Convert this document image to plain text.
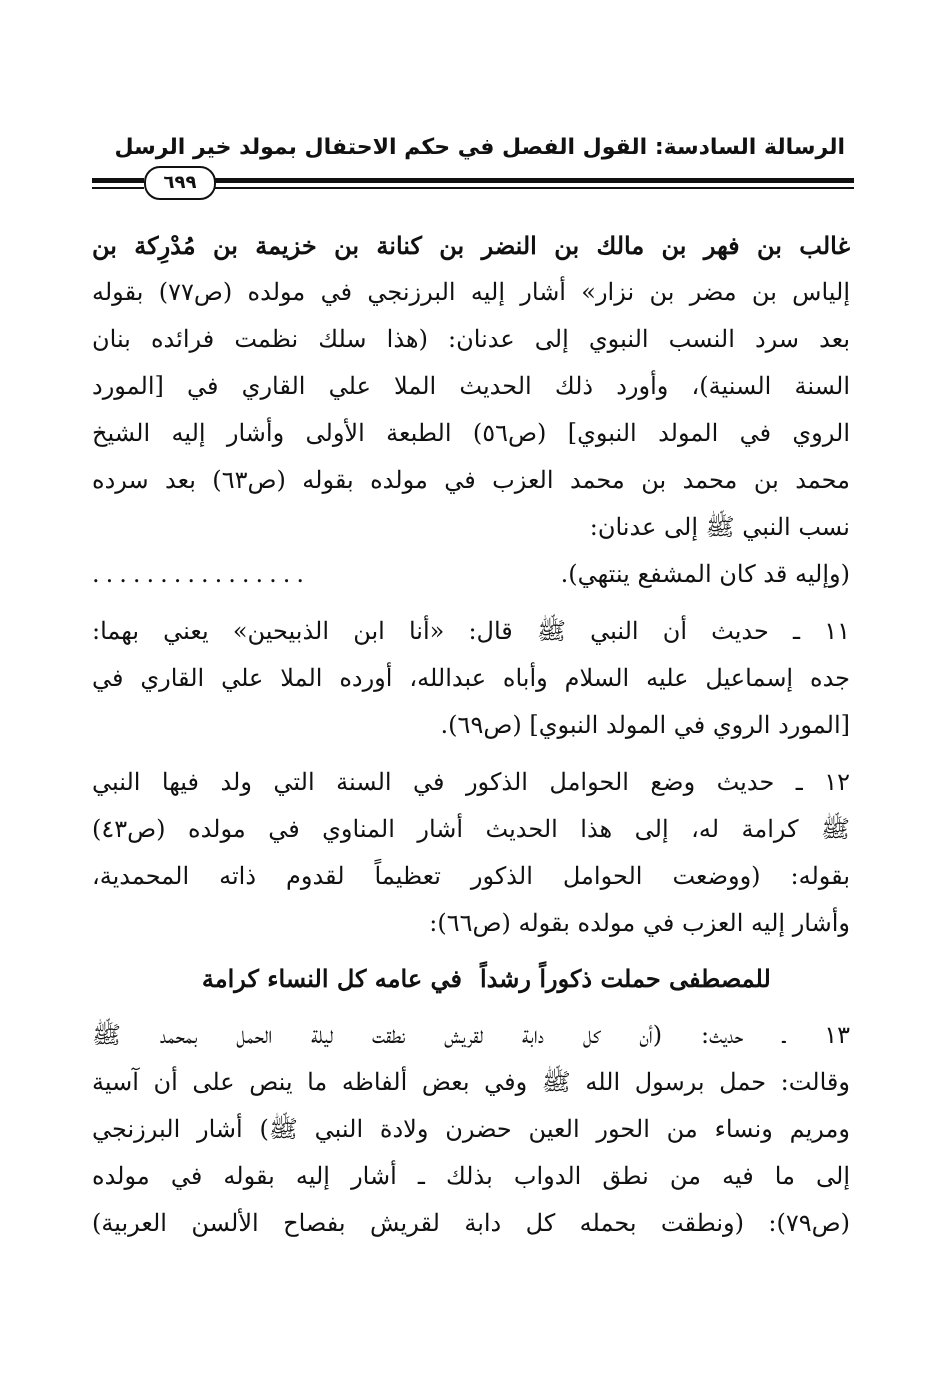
الرسالة السادسة: القول الفصل في حكم الاحتفال بمولد خير الرسل
٦٩٩
غالب بن فهر بن مالك بن النضر بن كنانة بن خزيمة بن مُدْرِكة بن
إلياس بن مضر بن نزار» أشار إليه البرزنجي في مولده (ص٧٧) بقوله
بعد سرد النسب النبوي إلى عدنان: (هذا سلك نظمت فرائده بنان
السنة السنية)، وأورد ذلك الحديث الملا علي القاري في [المورد
الروي في المولد النبوي] (ص٥٦) الطبعة الأولى وأشار إليه الشيخ
محمد بن محمد بن محمد العزب في مولده بقوله (ص٦٣) بعد سرده
نسب النبي ﷺ إلى عدنان:
(وإليه قد كان المشفع ينتهي).
................
١١ ـ حديث أن النبي ﷺ قال: «أنا ابن الذبيحين» يعني بهما:
جده إسماعيل عليه السلام وأباه عبدالله، أورده الملا علي القاري في
[المورد الروي في المولد النبوي] (ص٦٩).
١٢ ـ حديث وضع الحوامل الذكور في السنة التي ولد فيها النبي
ﷺ كرامة له، إلى هذا الحديث أشار المناوي في مولده (ص٤٣)
بقوله: (ووضعت الحوامل الذكور تعظيماً لقدوم ذاته المحمدية،
وأشار إليه العزب في مولده بقوله (ص٦٦):
للمصطفى حملت ذكوراً رشداً
في عامه كل النساء كرامة
١٣ ـ حديث: (أن كل دابة لقريش نطقت ليلة الحمل بمحمد ﷺ
وقالت: حمل برسول الله ﷺ وفي بعض ألفاظه ما ينص على أن آسية
ومريم ونساء من الحور العين حضرن ولادة النبي ﷺ) أشار البرزنجي
إلى ما فيه من نطق الدواب بذلك ـ أشار إليه بقوله في مولده
(ص٧٩): (ونطقت بحمله كل دابة لقريش بفصاح الألسن العربية)
